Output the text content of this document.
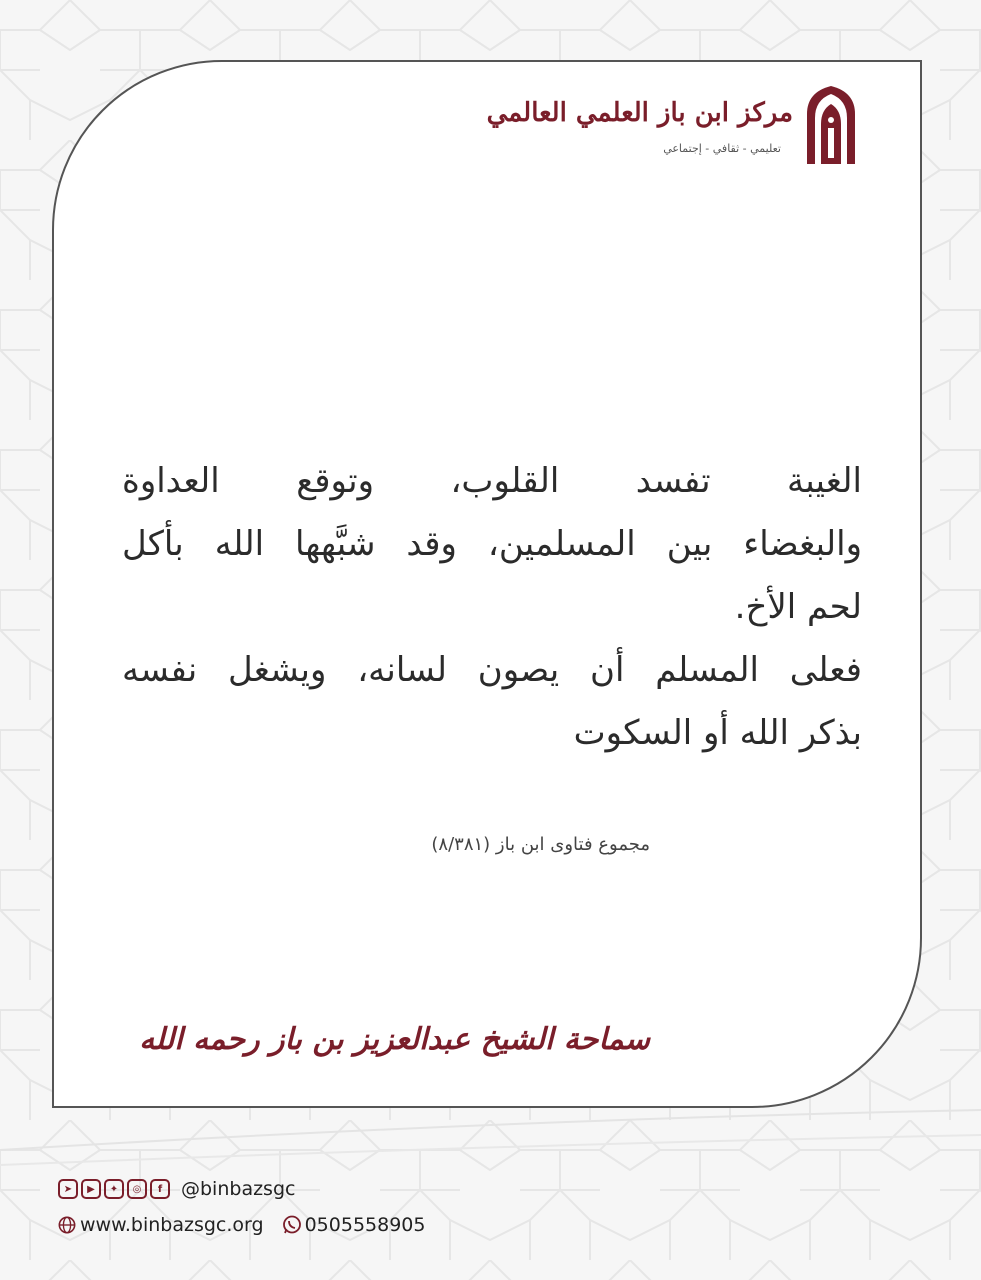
مركز ابن باز العلمي العالمي
تعليمي - ثقافي - إجتماعي
الغيبة تفسد القلوب، وتوقع العداوة
والبغضاء بين المسلمين، وقد شبَّهها الله بأكل
لحم الأخ.
فعلى المسلم أن يصون لسانه، ويشغل نفسه
بذكر الله أو السكوت
مجموع فتاوى ابن باز (٨/٣٨١)
سماحة الشيخ عبدالعزيز بن باز رحمه الله
➤	▶	✦	◎	f @binbazsgc
www.binbazsgc.org 0505558905
